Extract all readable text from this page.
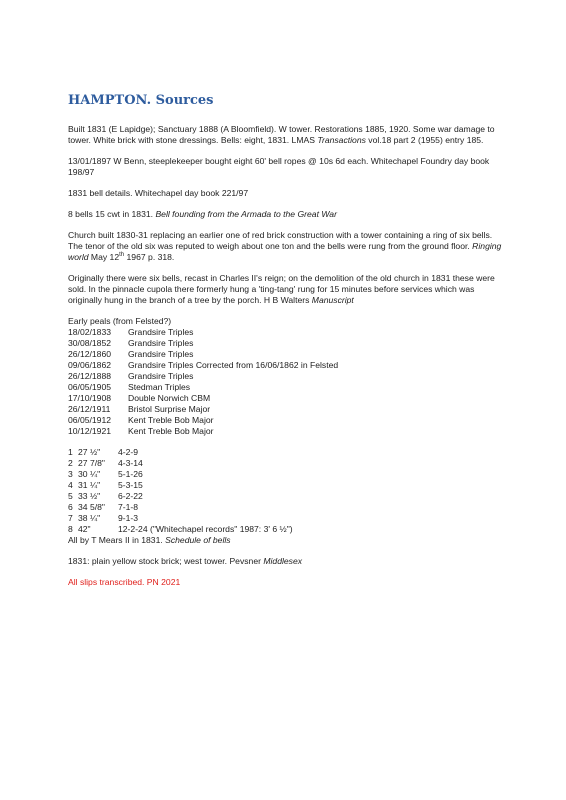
HAMPTON. Sources

Built 1831 (E Lapidge); Sanctuary 1888 (A Bloomfield). W tower. Restorations 1885, 1920. Some war damage to tower. White brick with stone dressings. Bells: eight, 1831. LMAS Transactions vol.18 part 2 (1955) entry 185.

13/01/1897 W Benn, steeplekeeper bought eight 60' bell ropes @ 10s 6d each. Whitechapel Foundry day book 198/97

1831 bell details. Whitechapel day book 221/97

8 bells 15 cwt in 1831. Bell founding from the Armada to the Great War

Church built 1830-31 replacing an earlier one of red brick construction with a tower containing a ring of six bells. The tenor of the old six was reputed to weigh about one ton and the bells were rung from the ground floor. Ringing world May 12th 1967 p. 318.

Originally there were six bells, recast in Charles II's reign; on the demolition of the old church in 1831 these were sold. In the pinnacle cupola there formerly hung a 'ting-tang' rung for 15 minutes before services which was originally hung in the branch of a tree by the porch. H B Walters Manuscript

Early peals (from Felsted?)
18/02/1833	Grandsire Triples
30/08/1852	Grandsire Triples
26/12/1860	Grandsire Triples
09/06/1862	Grandsire Triples Corrected from 16/06/1862 in Felsted
26/12/1888	Grandsire Triples
06/05/1905	Stedman Triples
17/10/1908	Double Norwich CBM
26/12/1911	Bristol Surprise Major
06/05/1912	Kent Treble Bob Major
10/12/1921	Kent Treble Bob Major
1 27 ½"	4-2-9
2 27 7/8"	4-3-14
3 30 ¼"	5-1-26
4 31 ¼"	5-3-15
5 33 ½"	6-2-22
6 34 5/8"	7-1-8
7 38 ¼"	9-1-3
8 42"	12-2-24 ("Whitechapel records" 1987: 3' 6 ½")
All by T Mears II in 1831. Schedule of bells

1831: plain yellow stock brick; west tower. Pevsner Middlesex

All slips transcribed. PN 2021
